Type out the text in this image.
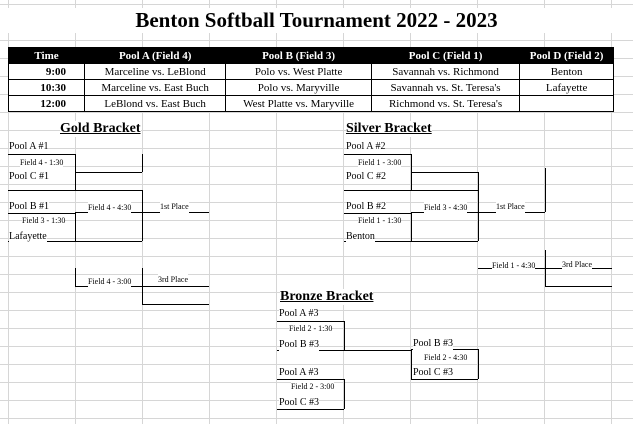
Benton Softball Tournament 2022 - 2023
Time	Pool A (Field 4)	Pool B (Field 3)	Pool C (Field 1)	Pool D (Field 2)
9:00	Marceline vs. LeBlond	Polo vs. West Platte	Savannah vs. Richmond	Benton
10:30	Marceline vs. East Buch	Polo vs. Maryville	Savannah vs. St. Teresa's	Lafayette
12:00	LeBlond vs. East Buch	West Platte vs. Maryville	Richmond vs. St. Teresa's	
Gold Bracket
Pool A #1
Field 4 - 1:30
Pool C #1
Pool B #1	Field 4 - 4:30	1st Place
Field 3 - 1:30
Lafayette
Field 4 - 3:00	3rd Place
Silver Bracket
Pool A #2
Field 1 - 3:00
Pool C #2
Pool B #2	Field 3 - 4:30	1st Place
Field 1 - 1:30
Benton
Field 1 - 4:30	3rd Place
Bronze Bracket
Pool A #3
Field 2 - 1:30
Pool B #3
Pool A #3
Field 2 - 3:00
Pool C #3
Pool B #3
Field 2 - 4:30
Pool C #3
